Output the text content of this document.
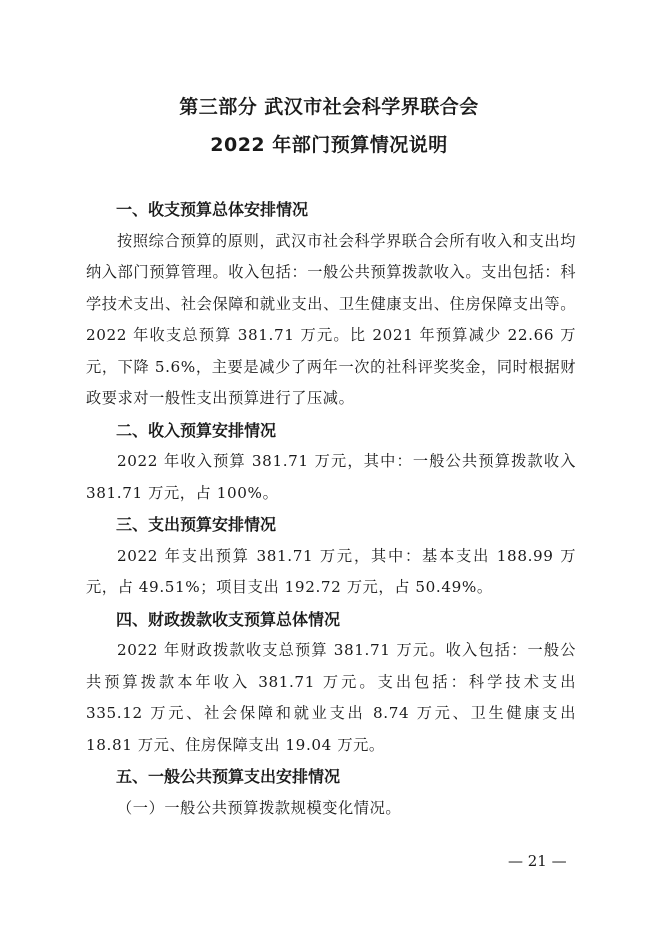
第三部分 武汉市社会科学界联合会
2022 年部门预算情况说明
一、收支预算总体安排情况
按照综合预算的原则，武汉市社会科学界联合会所有收入和支出均纳入部门预算管理。收入包括：一般公共预算拨款收入。支出包括：科学技术支出、社会保障和就业支出、卫生健康支出、住房保障支出等。2022 年收支总预算 381.71 万元。比 2021 年预算减少 22.66 万元，下降 5.6%，主要是减少了两年一次的社科评奖奖金，同时根据财政要求对一般性支出预算进行了压减。
二、收入预算安排情况
2022 年收入预算 381.71 万元，其中：一般公共预算拨款收入 381.71 万元，占 100%。
三、支出预算安排情况
2022 年支出预算 381.71 万元，其中：基本支出 188.99 万元，占 49.51%；项目支出 192.72 万元，占 50.49%。
四、财政拨款收支预算总体情况
2022 年财政拨款收支总预算 381.71 万元。收入包括：一般公共预算拨款本年收入 381.71 万元。支出包括：科学技术支出 335.12 万元、社会保障和就业支出 8.74 万元、卫生健康支出 18.81 万元、住房保障支出 19.04 万元。
五、一般公共预算支出安排情况
（一）一般公共预算拨款规模变化情况。
— 21 —
